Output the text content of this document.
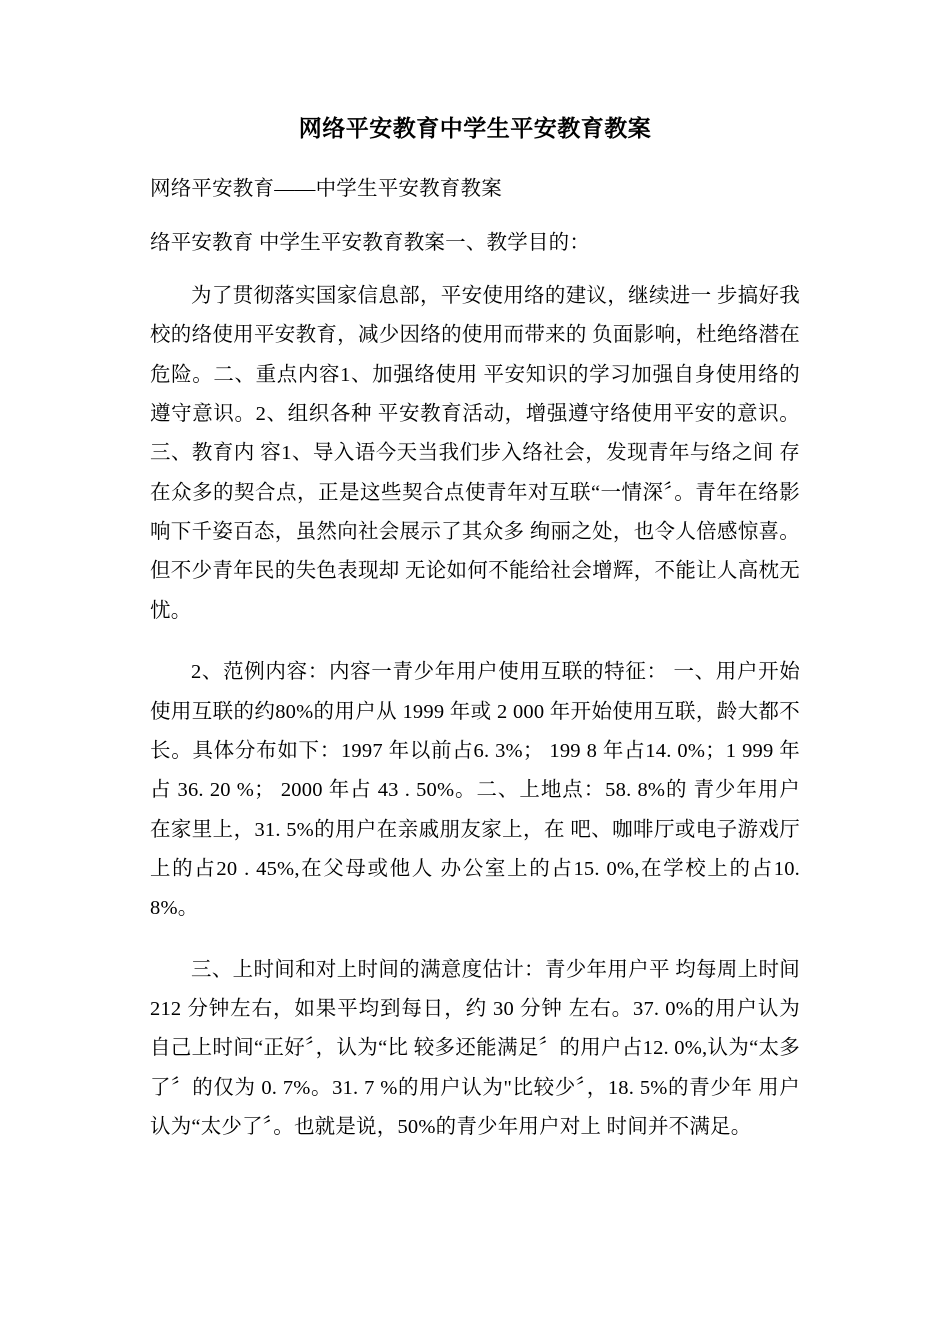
网络平安教育中学生平安教育教案

网络平安教育——中学生平安教育教案

络平安教育 中学生平安教育教案一、教学目的：

为了贯彻落实国家信息部，平安使用络的建议，继续进一 步搞好我校的络使用平安教育，减少因络的使用而带来的 负面影响，杜绝络潜在危险。二、重点内容1、加强络使用 平安知识的学习加强自身使用络的遵守意识。2、组织各种 平安教育活动，增强遵守络使用平安的意识。三、教育内 容1、导入语今天当我们步入络社会，发现青年与络之间 存在众多的契合点，正是这些契合点使青年对互联“一情深〞。青年在络影响下千姿百态，虽然向社会展示了其众多 绚丽之处，也令人倍感惊喜。但不少青年民的失色表现却 无论如何不能给社会增辉，不能让人高枕无忧。

2、范例内容：内容一青少年用户使用互联的特征： 一、用户开始使用互联的约80%的用户从 1999 年或 2 000 年开始使用互联，龄大都不长。具体分布如下：1997 年以前占6. 3%； 199 8 年占14. 0%；1 999 年占 36. 20 %； 2000 年占 43 . 50%。二、上地点：58. 8%的 青少年用户在家里上，31. 5%的用户在亲戚朋友家上，在 吧、咖啡厅或电子游戏厅上的占20 . 45%,在父母或他人 办公室上的占15. 0%,在学校上的占10. 8%。

三、上时间和对上时间的满意度估计：青少年用户平 均每周上时间 212 分钟左右，如果平均到每日，约 30 分钟 左右。37. 0%的用户认为自己上时间“正好〞，认为“比 较多还能满足〞的用户占12. 0%,认为“太多了〞的仅为 0. 7%。31. 7 %的用户认为"比较少〞，18. 5%的青少年 用户认为“太少了〞。也就是说，50%的青少年用户对上 时间并不满足。
